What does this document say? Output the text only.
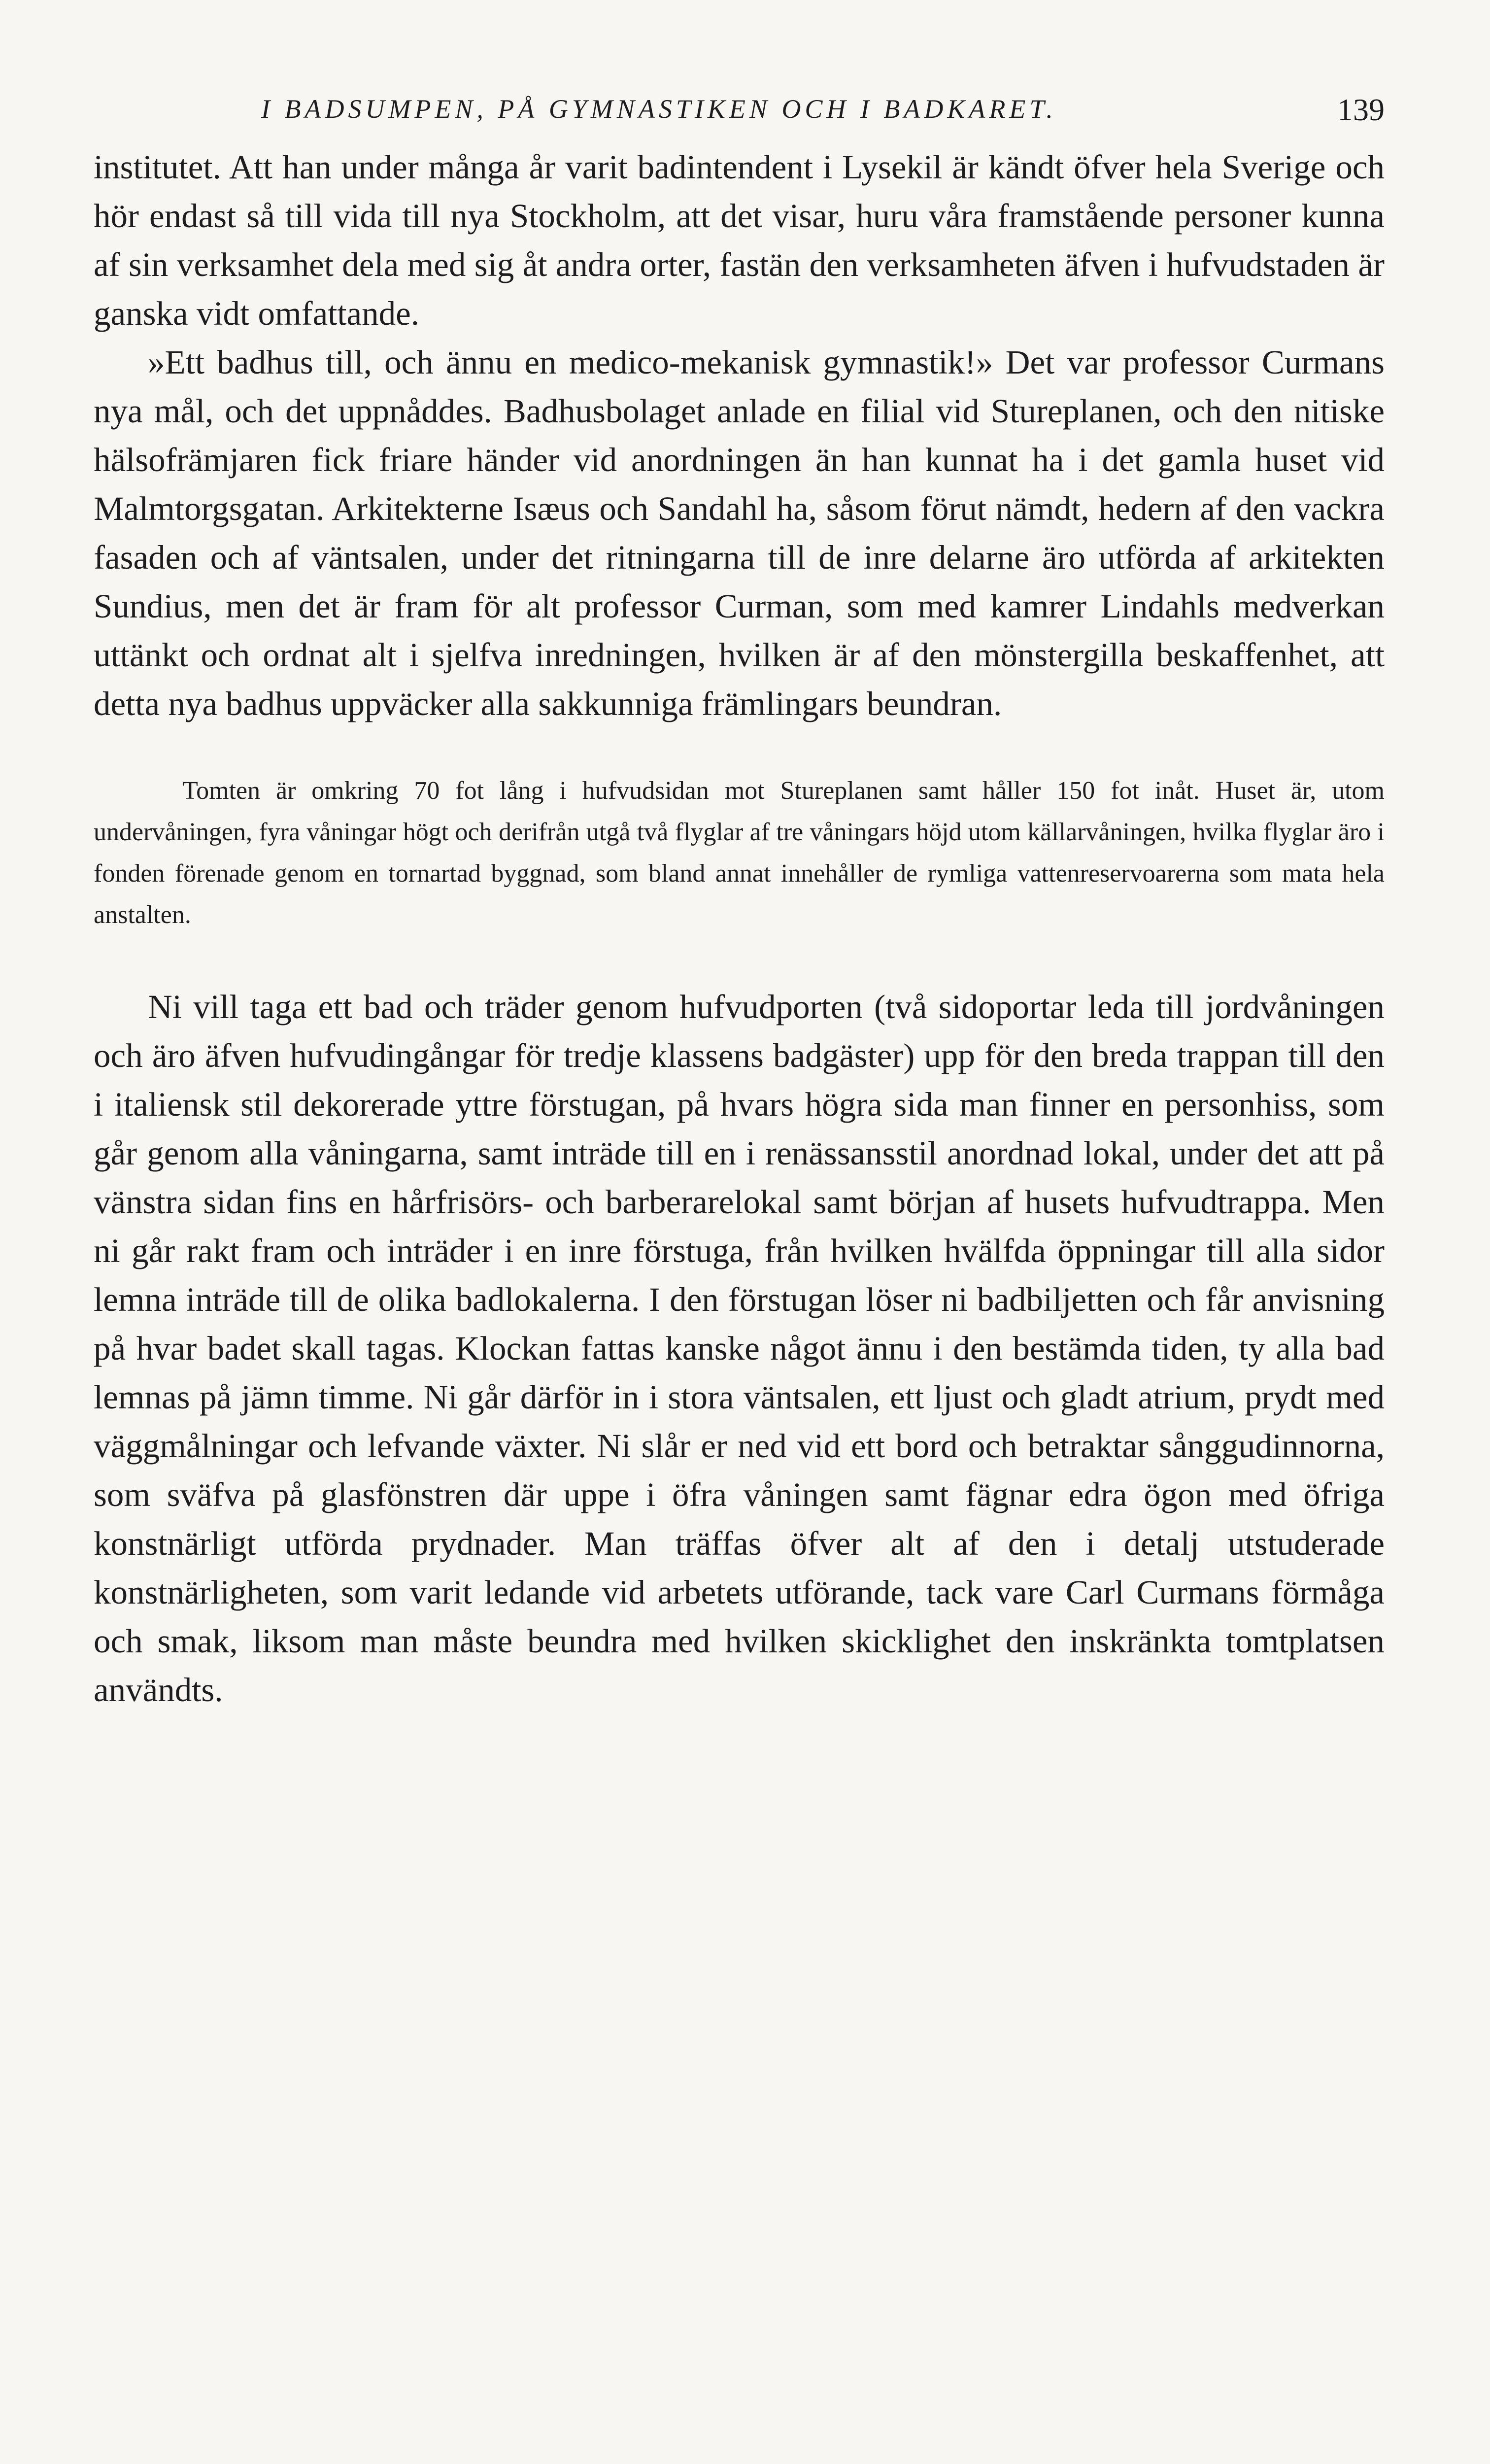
I BADSUMPEN, PÅ GYMNASTIKEN OCH I BADKARET.	139

institutet. Att han under många år varit badintendent i Lysekil är kändt öfver hela Sverige och hör endast så till vida till nya Stockholm, att det visar, huru våra framstående personer kunna af sin verksamhet dela med sig åt andra orter, fastän den verksamheten äfven i hufvudstaden är ganska vidt omfattande.

»Ett badhus till, och ännu en medico-mekanisk gymnastik!» Det var professor Curmans nya mål, och det uppnåddes. Badhusbolaget anlade en filial vid Stureplanen, och den nitiske hälsofrämjaren fick friare händer vid anordningen än han kunnat ha i det gamla huset vid Malmtorgsgatan. Arkitekterne Isæus och Sandahl ha, såsom förut nämdt, hedern af den vackra fasaden och af väntsalen, under det ritningarna till de inre delarne äro utförda af arkitekten Sundius, men det är fram för alt professor Curman, som med kamrer Lindahls medverkan uttänkt och ordnat alt i sjelfva inredningen, hvilken är af den mönstergilla beskaffenhet, att detta nya badhus uppväcker alla sakkunniga främlingars beundran.

Tomten är omkring 70 fot lång i hufvudsidan mot Stureplanen samt håller 150 fot inåt. Huset är, utom undervåningen, fyra våningar högt och derifrån utgå två flyglar af tre våningars höjd utom källarvåningen, hvilka flyglar äro i fonden förenade genom en tornartad byggnad, som bland annat innehåller de rymliga vattenreservoarerna som mata hela anstalten.

Ni vill taga ett bad och träder genom hufvudporten (två sidoportar leda till jordvåningen och äro äfven hufvudingångar för tredje klassens badgäster) upp för den breda trappan till den i italiensk stil dekorerade yttre förstugan, på hvars högra sida man finner en personhiss, som går genom alla våningarna, samt inträde till en i renässansstil anordnad lokal, under det att på vänstra sidan fins en hårfrisörs- och barberarelokal samt början af husets hufvudtrappa. Men ni går rakt fram och inträder i en inre förstuga, från hvilken hvälfda öppningar till alla sidor lemna inträde till de olika badlokalerna. I den förstugan löser ni badbiljetten och får anvisning på hvar badet skall tagas. Klockan fattas kanske något ännu i den bestämda tiden, ty alla bad lemnas på jämn timme. Ni går därför in i stora väntsalen, ett ljust och gladt atrium, prydt med väggmålningar och lefvande växter. Ni slår er ned vid ett bord och betraktar sånggudinnorna, som sväfva på glasfönstren där uppe i öfra våningen samt fägnar edra ögon med öfriga konstnärligt utförda prydnader. Man träffas öfver alt af den i detalj utstuderade konstnärligheten, som varit ledande vid arbetets utförande, tack vare Carl Curmans förmåga och smak, liksom man måste beundra med hvilken skicklighet den inskränkta tomtplatsen användts.
